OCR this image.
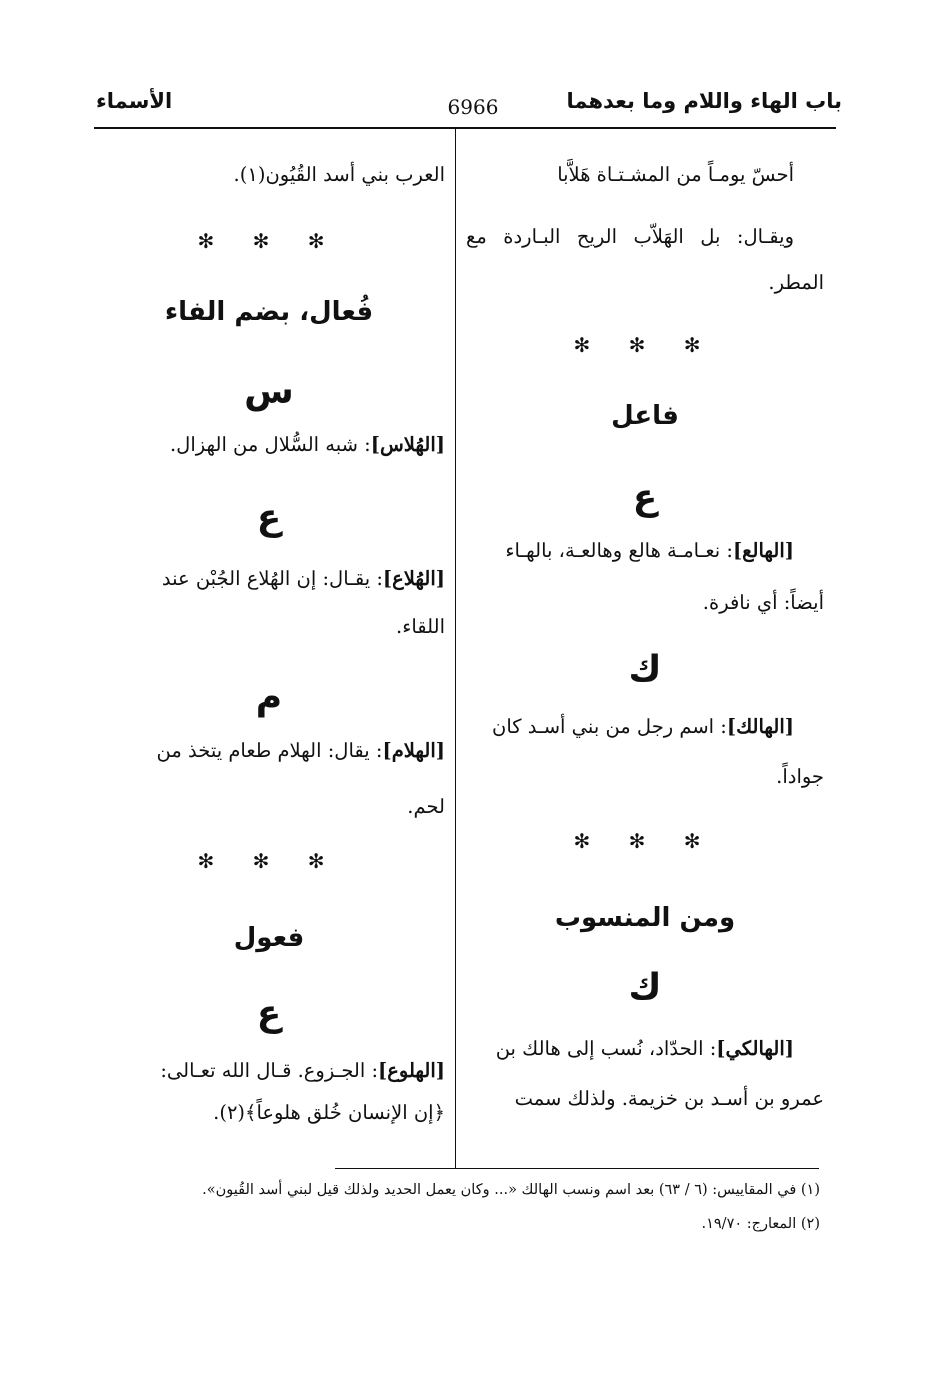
باب الهاء واللام وما بعدهما
6966
الأسماء
أحسّ يومـاً من المشـتـاة هَلاَّبا
ويقـال: بل الهَلاّب الريح البـاردة مع
المطر.
✻ ✻ ✻
فاعل
ع
[الهالع]: نعـامـة هالع وهالعـة، بالهـاء
أيضاً: أي نافرة.
ك
[الهالك]: اسم رجل من بني أسـد كان
جواداً.
✻ ✻ ✻
ومن المنسوب
ك
[الهالكي]: الحدّاد، نُسب إلى هالك بن
عمرو بن أسـد بن خزيمة. ولذلك سمت
العرب بني أسد القُيُون(١).
✻ ✻ ✻
فُعال، بضم الفاء
س
[الهُلاس]: شبه السُّلال من الهزال.
ع
[الهُلاع]: يقـال: إن الهُلاع الجُبْن عند
اللقاء.
م
[الهلام]: يقال: الهلام طعام يتخذ من
لحم.
✻ ✻ ✻
فعول
ع
[الهلوع]: الجـزوع. قـال الله تعـالى:
﴿إن الإنسان خُلق هلوعاً﴾(٢).
(١) في المقاييس: (٦ / ٦٣) بعد اسم ونسب الهالك «... وكان يعمل الحديد ولذلك قيل لبني أسد القُيون».
(٢) المعارج: ١٩/٧٠.
